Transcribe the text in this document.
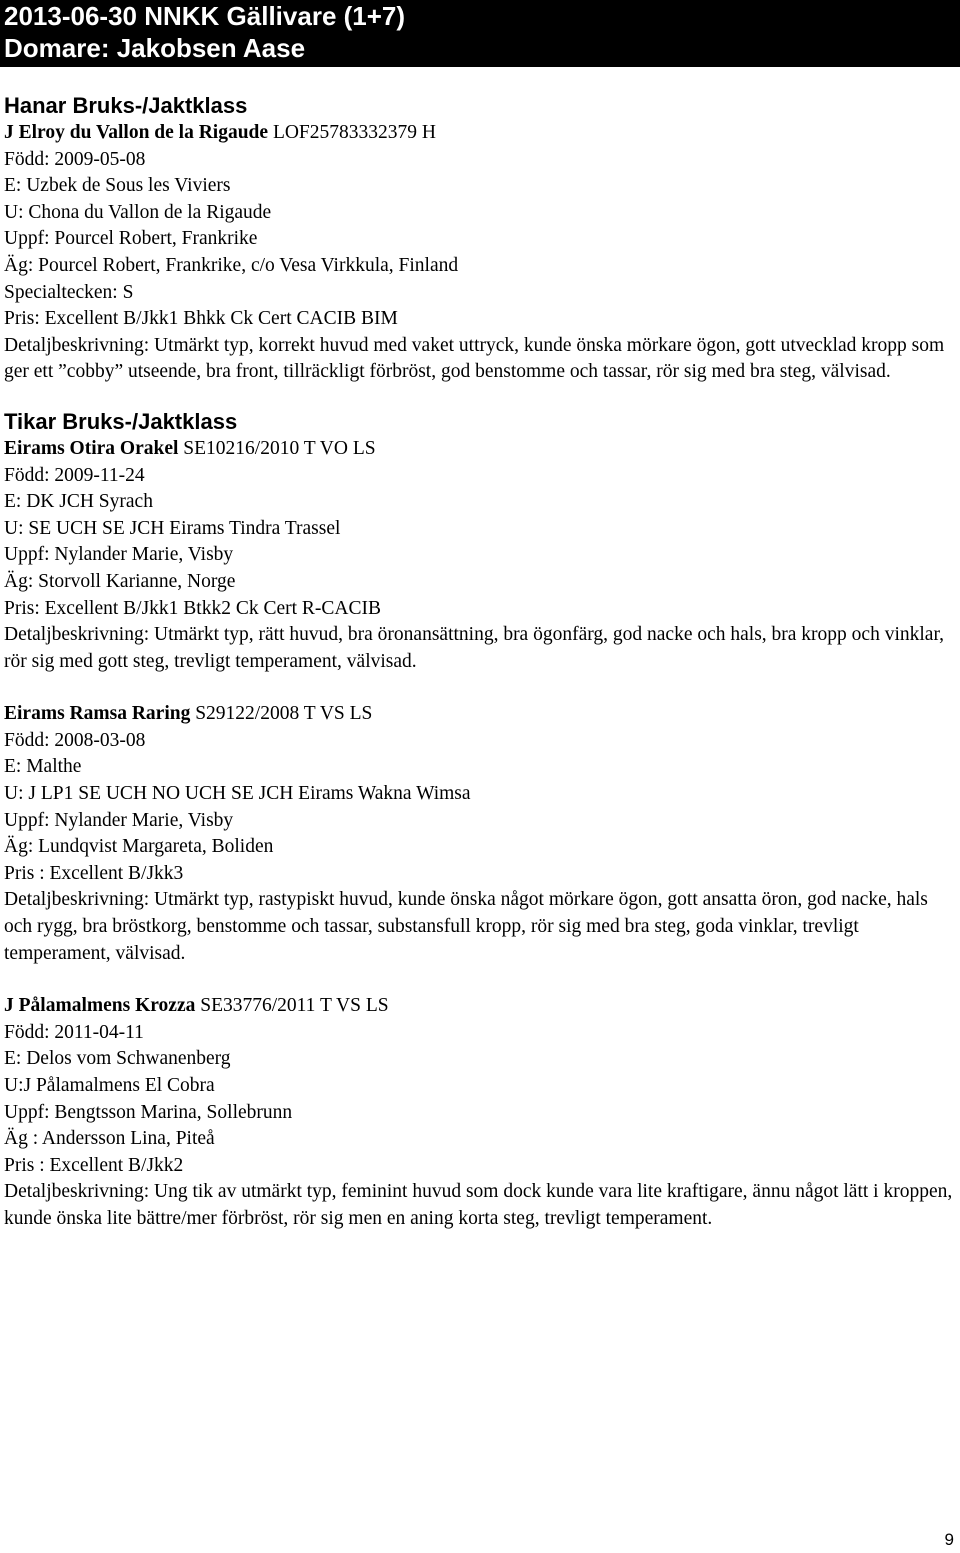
2013-06-30 NNKK Gällivare (1+7)
Domare: Jakobsen Aase
Hanar Bruks-/Jaktklass

J Elroy du Vallon de la Rigaude LOF25783332379 H

Född: 2009-05-08

E: Uzbek de Sous les Viviers

U: Chona du Vallon de la Rigaude

Uppf: Pourcel Robert, Frankrike

Äg: Pourcel Robert, Frankrike, c/o Vesa Virkkula, Finland

Specialtecken: S

Pris: Excellent B/Jkk1 Bhkk Ck Cert CACIB BIM

Detaljbeskrivning: Utmärkt typ, korrekt huvud med vaket uttryck, kunde önska mörkare ögon, gott utvecklad kropp som ger ett ”cobby” utseende, bra front, tillräckligt förbröst, god benstomme och tassar, rör sig med bra steg, välvisad.

Tikar Bruks-/Jaktklass

Eirams Otira Orakel SE10216/2010 T VO LS

Född: 2009-11-24

E: DK JCH Syrach

U: SE UCH SE JCH Eirams Tindra Trassel

Uppf: Nylander Marie, Visby

Äg: Storvoll Karianne, Norge

Pris: Excellent B/Jkk1 Btkk2 Ck Cert R-CACIB

Detaljbeskrivning: Utmärkt typ, rätt huvud, bra öronansättning, bra ögonfärg, god nacke och hals, bra kropp och vinklar, rör sig med gott steg, trevligt temperament, välvisad.

Eirams Ramsa Raring S29122/2008 T VS LS

Född: 2008-03-08

E: Malthe

U: J LP1 SE UCH NO UCH SE JCH Eirams Wakna Wimsa

Uppf: Nylander Marie, Visby

Äg: Lundqvist Margareta, Boliden

Pris : Excellent B/Jkk3

Detaljbeskrivning: Utmärkt typ, rastypiskt huvud, kunde önska något mörkare ögon, gott ansatta öron, god nacke, hals och rygg, bra bröstkorg, benstomme och tassar, substansfull kropp, rör sig med bra steg, goda vinklar, trevligt temperament, välvisad.

J Pålamalmens Krozza SE33776/2011 T VS LS

Född: 2011-04-11

E: Delos vom Schwanenberg

U:J Pålamalmens El Cobra

Uppf: Bengtsson Marina, Sollebrunn

Äg : Andersson Lina, Piteå

Pris : Excellent B/Jkk2

Detaljbeskrivning: Ung tik av utmärkt typ, feminint huvud som dock kunde vara lite kraftigare, ännu något lätt i kroppen, kunde önska lite bättre/mer förbröst, rör sig men en aning korta steg, trevligt temperament.

9
